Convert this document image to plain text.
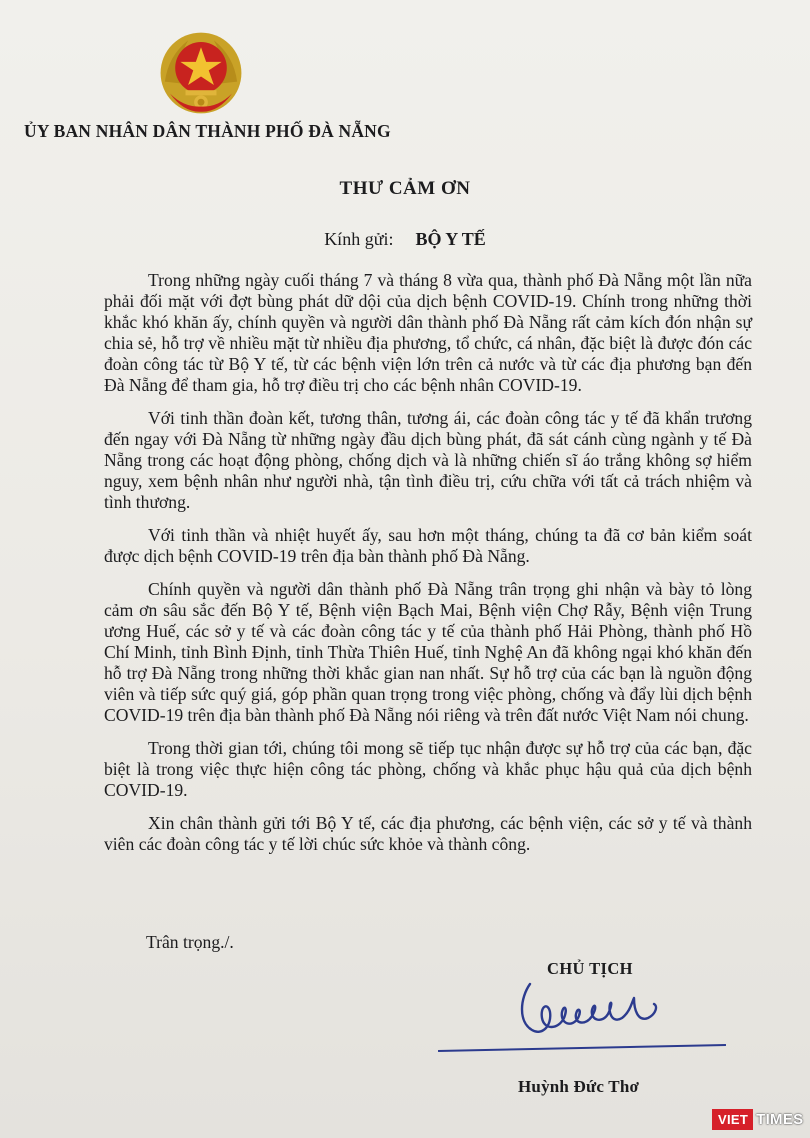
ỦY BAN NHÂN DÂN THÀNH PHỐ ĐÀ NẴNG
THƯ CẢM ƠN
Kính gửi: BỘ Y TẾ

Trong những ngày cuối tháng 7 và tháng 8 vừa qua, thành phố Đà Nẵng một lần nữa phải đối mặt với đợt bùng phát dữ dội của dịch bệnh COVID-19. Chính trong những thời khắc khó khăn ấy, chính quyền và người dân thành phố Đà Nẵng rất cảm kích đón nhận sự chia sẻ, hỗ trợ về nhiều mặt từ nhiều địa phương, tổ chức, cá nhân, đặc biệt là được đón các đoàn công tác từ Bộ Y tế, từ các bệnh viện lớn trên cả nước và từ các địa phương bạn đến Đà Nẵng để tham gia, hỗ trợ điều trị cho các bệnh nhân COVID-19.

Với tinh thần đoàn kết, tương thân, tương ái, các đoàn công tác y tế đã khẩn trương đến ngay với Đà Nẵng từ những ngày đầu dịch bùng phát, đã sát cánh cùng ngành y tế Đà Nẵng trong các hoạt động phòng, chống dịch và là những chiến sĩ áo trắng không sợ hiểm nguy, xem bệnh nhân như người nhà, tận tình điều trị, cứu chữa với tất cả trách nhiệm và tình thương.

Với tinh thần và nhiệt huyết ấy, sau hơn một tháng, chúng ta đã cơ bản kiểm soát được dịch bệnh COVID-19 trên địa bàn thành phố Đà Nẵng.

Chính quyền và người dân thành phố Đà Nẵng trân trọng ghi nhận và bày tỏ lòng cảm ơn sâu sắc đến Bộ Y tế, Bệnh viện Bạch Mai, Bệnh viện Chợ Rẫy, Bệnh viện Trung ương Huế, các sở y tế và các đoàn công tác y tế của thành phố Hải Phòng, thành phố Hồ Chí Minh, tỉnh Bình Định, tỉnh Thừa Thiên Huế, tỉnh Nghệ An đã không ngại khó khăn đến hỗ trợ Đà Nẵng trong những thời khắc gian nan nhất. Sự hỗ trợ của các bạn là nguồn động viên và tiếp sức quý giá, góp phần quan trọng trong việc phòng, chống và đẩy lùi dịch bệnh COVID-19 trên địa bàn thành phố Đà Nẵng nói riêng và trên đất nước Việt Nam nói chung.

Trong thời gian tới, chúng tôi mong sẽ tiếp tục nhận được sự hỗ trợ của các bạn, đặc biệt là trong việc thực hiện công tác phòng, chống và khắc phục hậu quả của dịch bệnh COVID-19.

Xin chân thành gửi tới Bộ Y tế, các địa phương, các bệnh viện, các sở y tế và thành viên các đoàn công tác y tế lời chúc sức khỏe và thành công.

Trân trọng./.
CHỦ TỊCH
Huỳnh Đức Thơ
VIET TIMES
